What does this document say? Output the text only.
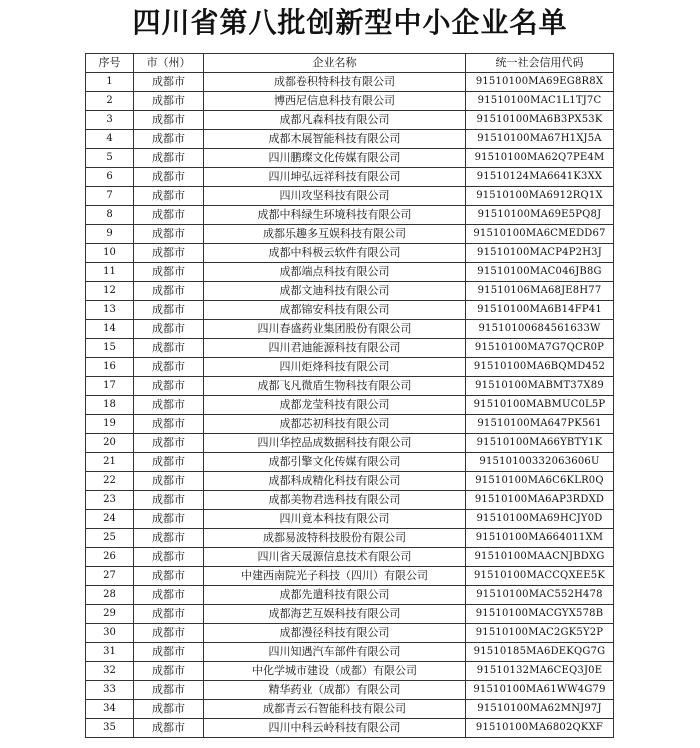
四川省第八批创新型中小企业名单
序号	市（州）	企业名称	统一社会信用代码
1	成都市	成都卷积特科技有限公司	91510100MA69EG8R8X
2	成都市	博西尼信息科技有限公司	91510100MAC1L1TJ7C
3	成都市	成都凡森科技有限公司	91510100MA6B3PX53K
4	成都市	成都木展智能科技有限公司	91510100MA67H1XJ5A
5	成都市	四川鹏璨文化传媒有限公司	91510100MA62Q7PE4M
6	成都市	四川坤弘远祥科技有限公司	91510124MA6641K3XX
7	成都市	四川攻坚科技有限公司	91510100MA6912RQ1X
8	成都市	成都中科绿生环境科技有限公司	91510100MA69E5PQ8J
9	成都市	成都乐趣多互娱科技有限公司	91510100MA6CMEDD67
10	成都市	成都中科极云软件有限公司	91510100MACP4P2H3J
11	成都市	成都端点科技有限公司	91510100MAC046JB8G
12	成都市	成都文迪科技有限公司	91510106MA68JE8H77
13	成都市	成都锦安科技有限公司	91510100MA6B14FP41
14	成都市	四川春盛药业集团股份有限公司	91510100684561633W
15	成都市	四川君迪能源科技有限公司	91510100MA7G7QCR0P
16	成都市	四川炬烽科技有限公司	91510100MA6BQMD452
17	成都市	成都飞凡微盾生物科技有限公司	91510100MABMT37X89
18	成都市	成都龙莹科技有限公司	91510100MABMUC0L5P
19	成都市	成都芯初科技有限公司	91510100MA647PK561
20	成都市	四川华控品成数据科技有限公司	91510100MA66YBTY1K
21	成都市	成都引擎文化传媒有限公司	91510100332063606U
22	成都市	成都科成精化科技有限公司	91510100MA6C6KLR0Q
23	成都市	成都美物君选科技有限公司	91510100MA6AP3RDXD
24	成都市	四川竟本科技有限公司	91510100MA69HCJY0D
25	成都市	成都易波特科技股份有限公司	91510100MA664011XM
26	成都市	四川省天晟源信息技术有限公司	91510100MAACNJBDXG
27	成都市	中建西南院光子科技（四川）有限公司	91510100MACCQXEE5K
28	成都市	成都先遣科技有限公司	91510100MAC552H478
29	成都市	成都海艺互娱科技有限公司	91510100MACGYX578B
30	成都市	成都漫径科技有限公司	91510100MAC2GK5Y2P
31	成都市	四川知遇汽车部件有限公司	91510185MA6DEKQG7G
32	成都市	中化学城市建设（成都）有限公司	91510132MA6CEQ3J0E
33	成都市	精华药业（成都）有限公司	91510100MA61WW4G79
34	成都市	成都青云石智能科技有限公司	91510100MA62MNJ97J
35	成都市	四川中科云岭科技有限公司	91510100MA6802QKXF
